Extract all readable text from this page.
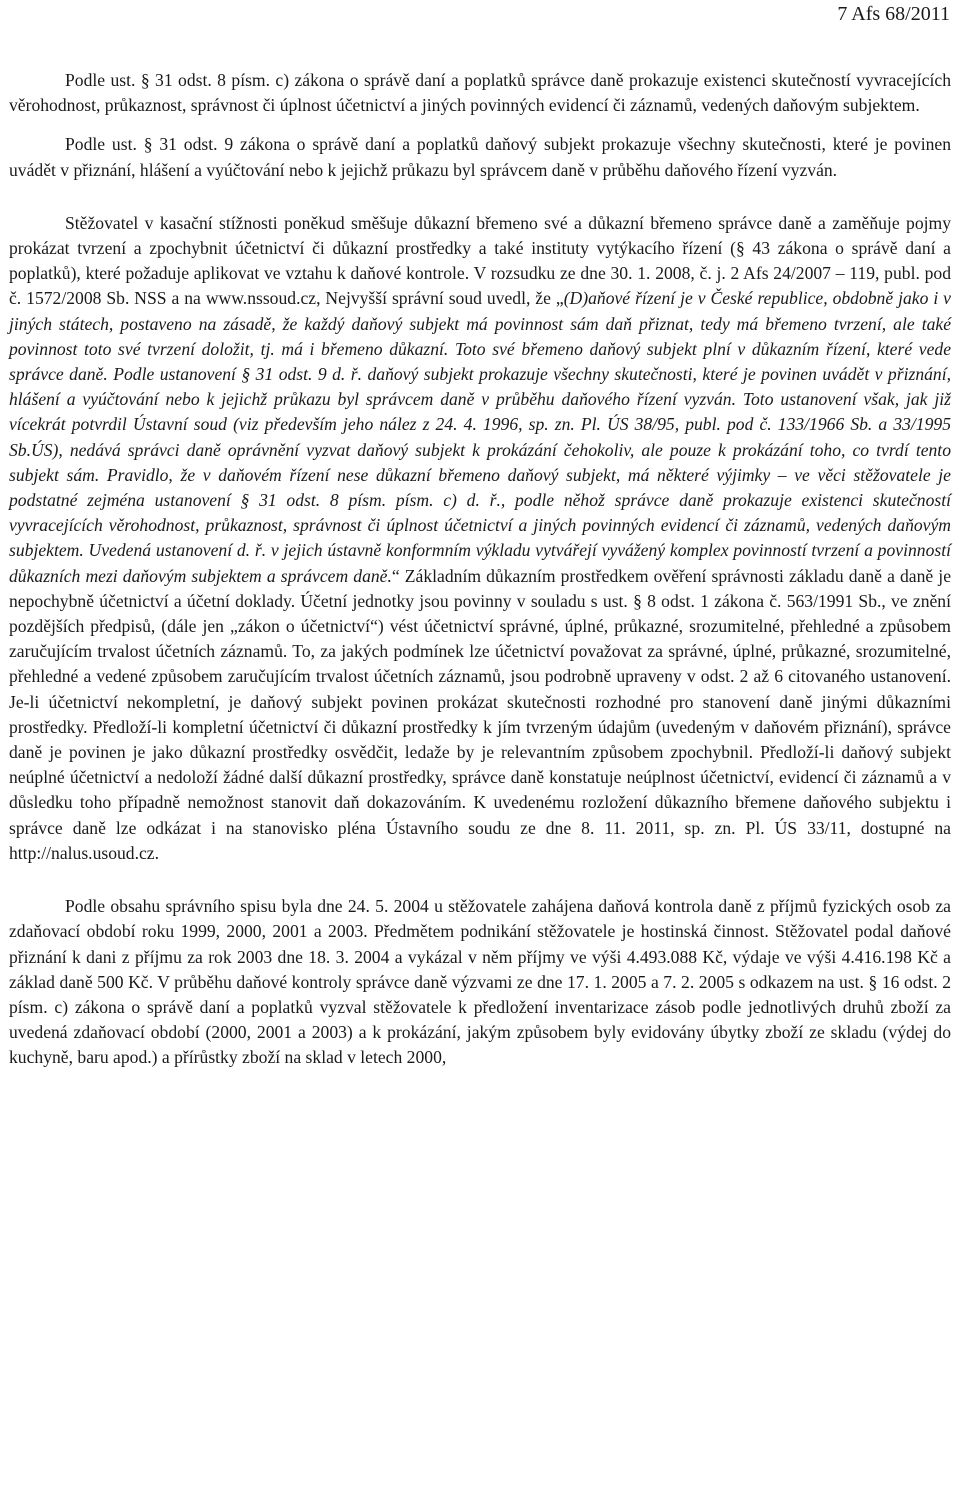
7 Afs 68/2011

Podle ust. § 31 odst. 8 písm. c) zákona o správě daní a poplatků správce daně prokazuje existenci skutečností vyvracejících věrohodnost, průkaznost, správnost či úplnost účetnictví a jiných povinných evidencí či záznamů, vedených daňovým subjektem.

Podle ust. § 31 odst. 9 zákona o správě daní a poplatků daňový subjekt prokazuje všechny skutečnosti, které je povinen uvádět v přiznání, hlášení a vyúčtování nebo k jejichž průkazu byl správcem daně v průběhu daňového řízení vyzván.

Stěžovatel v kasační stížnosti poněkud směšuje důkazní břemeno své a důkazní břemeno správce daně a zaměňuje pojmy prokázat tvrzení a zpochybnit účetnictví či důkazní prostředky a také instituty vytýkacího řízení (§ 43 zákona o správě daní a poplatků), které požaduje aplikovat ve vztahu k daňové kontrole. V rozsudku ze dne 30. 1. 2008, č. j. 2 Afs 24/2007 – 119, publ. pod č. 1572/2008 Sb. NSS a na www.nssoud.cz, Nejvyšší správní soud uvedl, že „(D)aňové řízení je v České republice, obdobně jako i v jiných státech, postaveno na zásadě, že každý daňový subjekt má povinnost sám daň přiznat, tedy má břemeno tvrzení, ale také povinnost toto své tvrzení doložit, tj. má i břemeno důkazní. Toto své břemeno daňový subjekt plní v důkazním řízení, které vede správce daně. Podle ustanovení § 31 odst. 9 d. ř. daňový subjekt prokazuje všechny skutečnosti, které je povinen uvádět v přiznání, hlášení a vyúčtování nebo k jejichž průkazu byl správcem daně v průběhu daňového řízení vyzván. Toto ustanovení však, jak již vícekrát potvrdil Ústavní soud (viz především jeho nález z 24. 4. 1996, sp. zn. Pl. ÚS 38/95, publ. pod č. 133/1966 Sb. a 33/1995 Sb.ÚS), nedává správci daně oprávnění vyzvat daňový subjekt k prokázání čehokoliv, ale pouze k prokázání toho, co tvrdí tento subjekt sám. Pravidlo, že v daňovém řízení nese důkazní břemeno daňový subjekt, má některé výjimky – ve věci stěžovatele je podstatné zejména ustanovení § 31 odst. 8 písm. písm. c) d. ř., podle něhož správce daně prokazuje existenci skutečností vyvracejících věrohodnost, průkaznost, správnost či úplnost účetnictví a jiných povinných evidencí či záznamů, vedených daňovým subjektem. Uvedená ustanovení d. ř. v jejich ústavně konformním výkladu vytvářejí vyvážený komplex povinností tvrzení a povinností důkazních mezi daňovým subjektem a správcem daně.“ Základním důkazním prostředkem ověření správnosti základu daně a daně je nepochybně účetnictví a účetní doklady. Účetní jednotky jsou povinny v souladu s ust. § 8 odst. 1 zákona č. 563/1991 Sb., ve znění pozdějších předpisů, (dále jen „zákon o účetnictví“) vést účetnictví správné, úplné, průkazné, srozumitelné, přehledné a způsobem zaručujícím trvalost účetních záznamů. To, za jakých podmínek lze účetnictví považovat za správné, úplné, průkazné, srozumitelné, přehledné a vedené způsobem zaručujícím trvalost účetních záznamů, jsou podrobně upraveny v odst. 2 až 6 citovaného ustanovení. Je-li účetnictví nekompletní, je daňový subjekt povinen prokázat skutečnosti rozhodné pro stanovení daně jinými důkazními prostředky. Předloží-li kompletní účetnictví či důkazní prostředky k jím tvrzeným údajům (uvedeným v daňovém přiznání), správce daně je povinen je jako důkazní prostředky osvědčit, ledaže by je relevantním způsobem zpochybnil. Předloží-li daňový subjekt neúplné účetnictví a nedoloží žádné další důkazní prostředky, správce daně konstatuje neúplnost účetnictví, evidencí či záznamů a v důsledku toho případně nemožnost stanovit daň dokazováním. K uvedenému rozložení důkazního břemene daňového subjektu i správce daně lze odkázat i na stanovisko pléna Ústavního soudu ze dne 8. 11. 2011, sp. zn. Pl. ÚS 33/11, dostupné na http://nalus.usoud.cz.

Podle obsahu správního spisu byla dne 24. 5. 2004 u stěžovatele zahájena daňová kontrola daně z příjmů fyzických osob za zdaňovací období roku 1999, 2000, 2001 a 2003. Předmětem podnikání stěžovatele je hostinská činnost. Stěžovatel podal daňové přiznání k dani z příjmu za rok 2003 dne 18. 3. 2004 a vykázal v něm příjmy ve výši 4.493.088 Kč, výdaje ve výši 4.416.198 Kč a základ daně 500 Kč. V průběhu daňové kontroly správce daně výzvami ze dne 17. 1. 2005 a 7. 2. 2005 s odkazem na ust. § 16 odst. 2 písm. c) zákona o správě daní a poplatků vyzval stěžovatele k předložení inventarizace zásob podle jednotlivých druhů zboží za uvedená zdaňovací období (2000, 2001 a 2003) a k prokázání, jakým způsobem byly evidovány úbytky zboží ze skladu (výdej do kuchyně, baru apod.) a přírůstky zboží na sklad v letech 2000,
